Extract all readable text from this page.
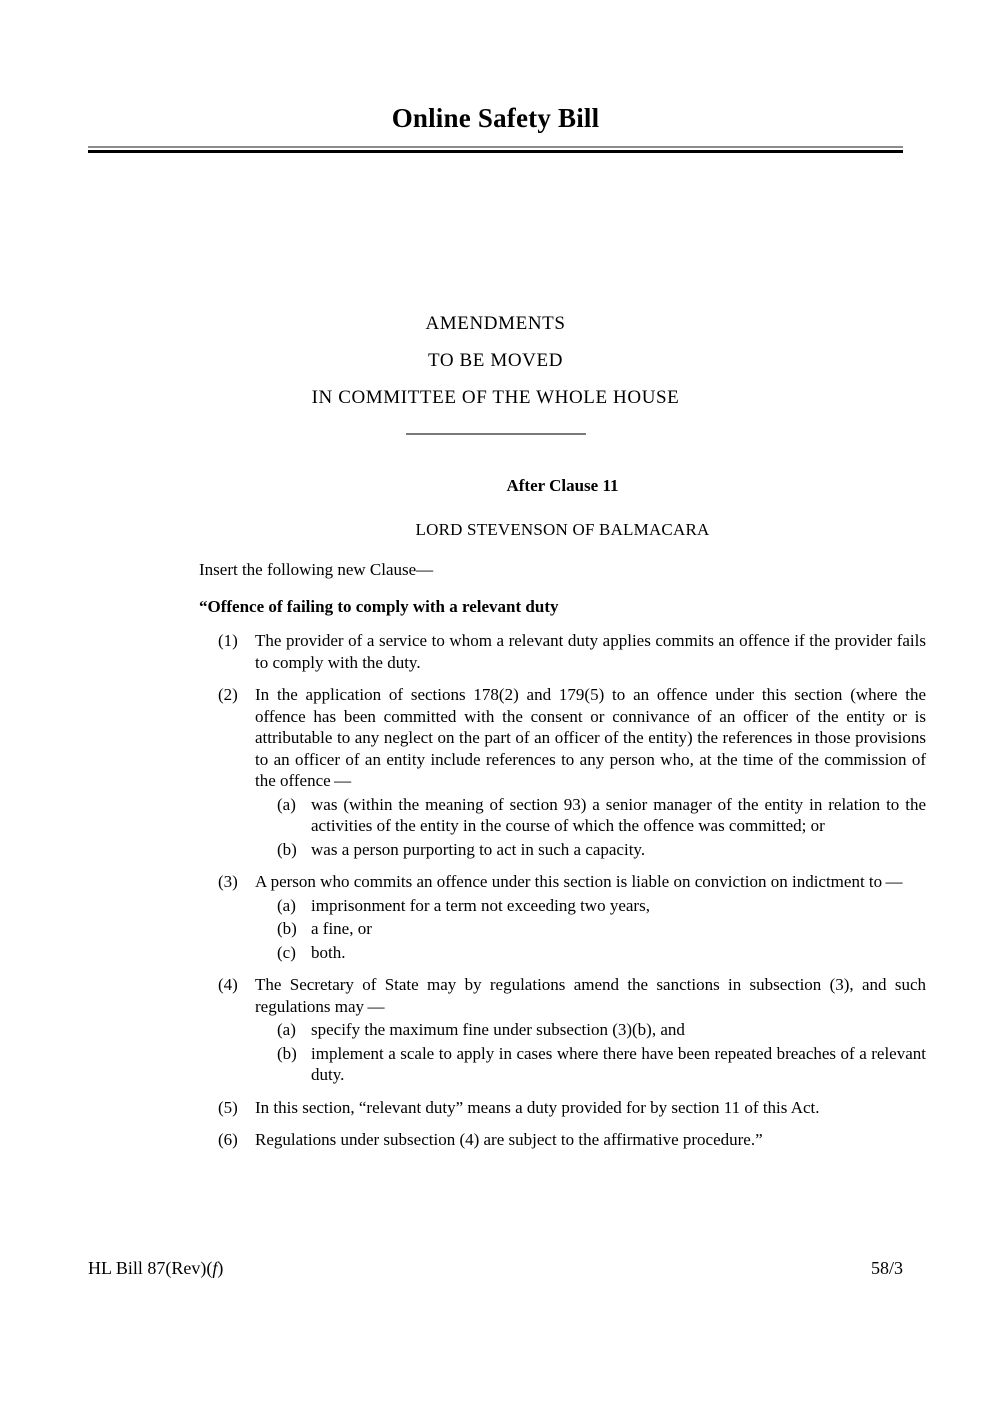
Online Safety Bill
AMENDMENTS
TO BE MOVED
IN COMMITTEE OF THE WHOLE HOUSE
After Clause 11
LORD STEVENSON OF BALMACARA
Insert the following new Clause—
“Offence of failing to comply with a relevant duty
(1)	The provider of a service to whom a relevant duty applies commits an offence if the provider fails to comply with the duty.
(2)	In the application of sections 178(2) and 179(5) to an offence under this section (where the offence has been committed with the consent or connivance of an officer of the entity or is attributable to any neglect on the part of an officer of the entity) the references in those provisions to an officer of an entity include references to any person who, at the time of the commission of the offence —
(a) was (within the meaning of section 93) a senior manager of the entity in relation to the activities of the entity in the course of which the offence was committed; or
(b) was a person purporting to act in such a capacity.
(3)	A person who commits an offence under this section is liable on conviction on indictment to —
(a) imprisonment for a term not exceeding two years,
(b) a fine, or
(c) both.
(4)	The Secretary of State may by regulations amend the sanctions in subsection (3), and such regulations may —
(a) specify the maximum fine under subsection (3)(b), and
(b) implement a scale to apply in cases where there have been repeated breaches of a relevant duty.
(5)	In this section, “relevant duty” means a duty provided for by section 11 of this Act.
(6)	Regulations under subsection (4) are subject to the affirmative procedure.”
HL Bill 87(Rev)(f)	58/3
